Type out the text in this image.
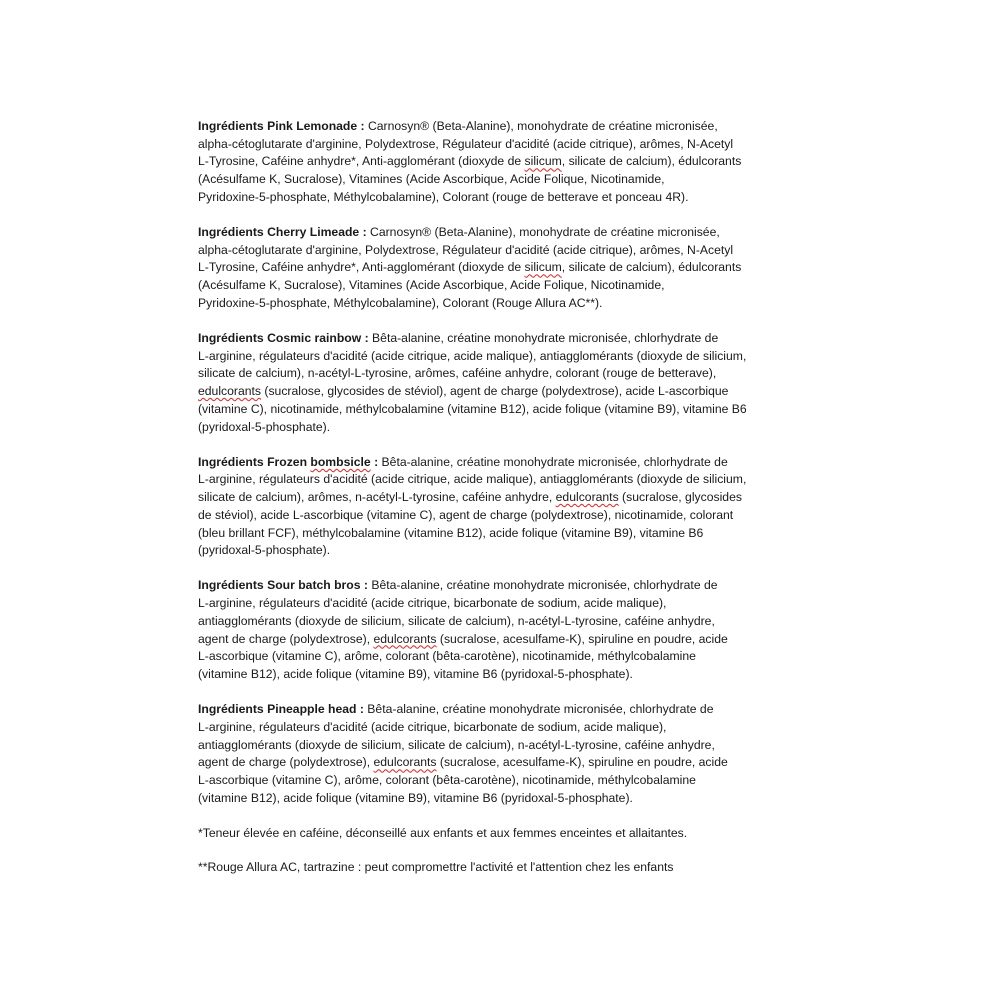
Ingrédients Pink Lemonade : Carnosyn® (Beta-Alanine), monohydrate de créatine micronisée,
alpha-cétoglutarate d'arginine, Polydextrose, Régulateur d'acidité (acide citrique), arômes, N-Acetyl
L-Tyrosine, Caféine anhydre*, Anti-agglomérant (dioxyde de silicum, silicate de calcium), édulcorants
(Acésulfame K, Sucralose), Vitamines (Acide Ascorbique, Acide Folique, Nicotinamide,
Pyridoxine-5-phosphate, Méthylcobalamine), Colorant (rouge de betterave et ponceau 4R).
Ingrédients Cherry Limeade : Carnosyn® (Beta-Alanine), monohydrate de créatine micronisée,
alpha-cétoglutarate d'arginine, Polydextrose, Régulateur d'acidité (acide citrique), arômes, N-Acetyl
L-Tyrosine, Caféine anhydre*, Anti-agglomérant (dioxyde de silicum, silicate de calcium), édulcorants
(Acésulfame K, Sucralose), Vitamines (Acide Ascorbique, Acide Folique, Nicotinamide,
Pyridoxine-5-phosphate, Méthylcobalamine), Colorant (Rouge Allura AC**).
Ingrédients Cosmic rainbow : Bêta-alanine, créatine monohydrate micronisée, chlorhydrate de
L-arginine, régulateurs d'acidité (acide citrique, acide malique), antiagglomérants (dioxyde de silicium,
silicate de calcium), n-acétyl-L-tyrosine, arômes, caféine anhydre, colorant (rouge de betterave),
edulcorants (sucralose, glycosides de stéviol), agent de charge (polydextrose), acide L-ascorbique
(vitamine C), nicotinamide, méthylcobalamine (vitamine B12), acide folique (vitamine B9), vitamine B6
(pyridoxal-5-phosphate).
Ingrédients Frozen bombsicle : Bêta-alanine, créatine monohydrate micronisée, chlorhydrate de
L-arginine, régulateurs d'acidité (acide citrique, acide malique), antiagglomérants (dioxyde de silicium,
silicate de calcium), arômes, n-acétyl-L-tyrosine, caféine anhydre, edulcorants (sucralose, glycosides
de stéviol), acide L-ascorbique (vitamine C), agent de charge (polydextrose), nicotinamide, colorant
(bleu brillant FCF), méthylcobalamine (vitamine B12), acide folique (vitamine B9), vitamine B6
(pyridoxal-5-phosphate).
Ingrédients Sour batch bros : Bêta-alanine, créatine monohydrate micronisée, chlorhydrate de
L-arginine, régulateurs d'acidité (acide citrique, bicarbonate de sodium, acide malique),
antiagglomérants (dioxyde de silicium, silicate de calcium), n-acétyl-L-tyrosine, caféine anhydre,
agent de charge (polydextrose), edulcorants (sucralose, acesulfame-K), spiruline en poudre, acide
L-ascorbique (vitamine C), arôme, colorant (bêta-carotène), nicotinamide, méthylcobalamine
(vitamine B12), acide folique (vitamine B9), vitamine B6 (pyridoxal-5-phosphate).
Ingrédients Pineapple head : Bêta-alanine, créatine monohydrate micronisée, chlorhydrate de
L-arginine, régulateurs d'acidité (acide citrique, bicarbonate de sodium, acide malique),
antiagglomérants (dioxyde de silicium, silicate de calcium), n-acétyl-L-tyrosine, caféine anhydre,
agent de charge (polydextrose), edulcorants (sucralose, acesulfame-K), spiruline en poudre, acide
L-ascorbique (vitamine C), arôme, colorant (bêta-carotène), nicotinamide, méthylcobalamine
(vitamine B12), acide folique (vitamine B9), vitamine B6 (pyridoxal-5-phosphate).
*Teneur élevée en caféine, déconseillé aux enfants et aux femmes enceintes et allaitantes.
**Rouge Allura AC, tartrazine : peut compromettre l'activité et l'attention chez les enfants
